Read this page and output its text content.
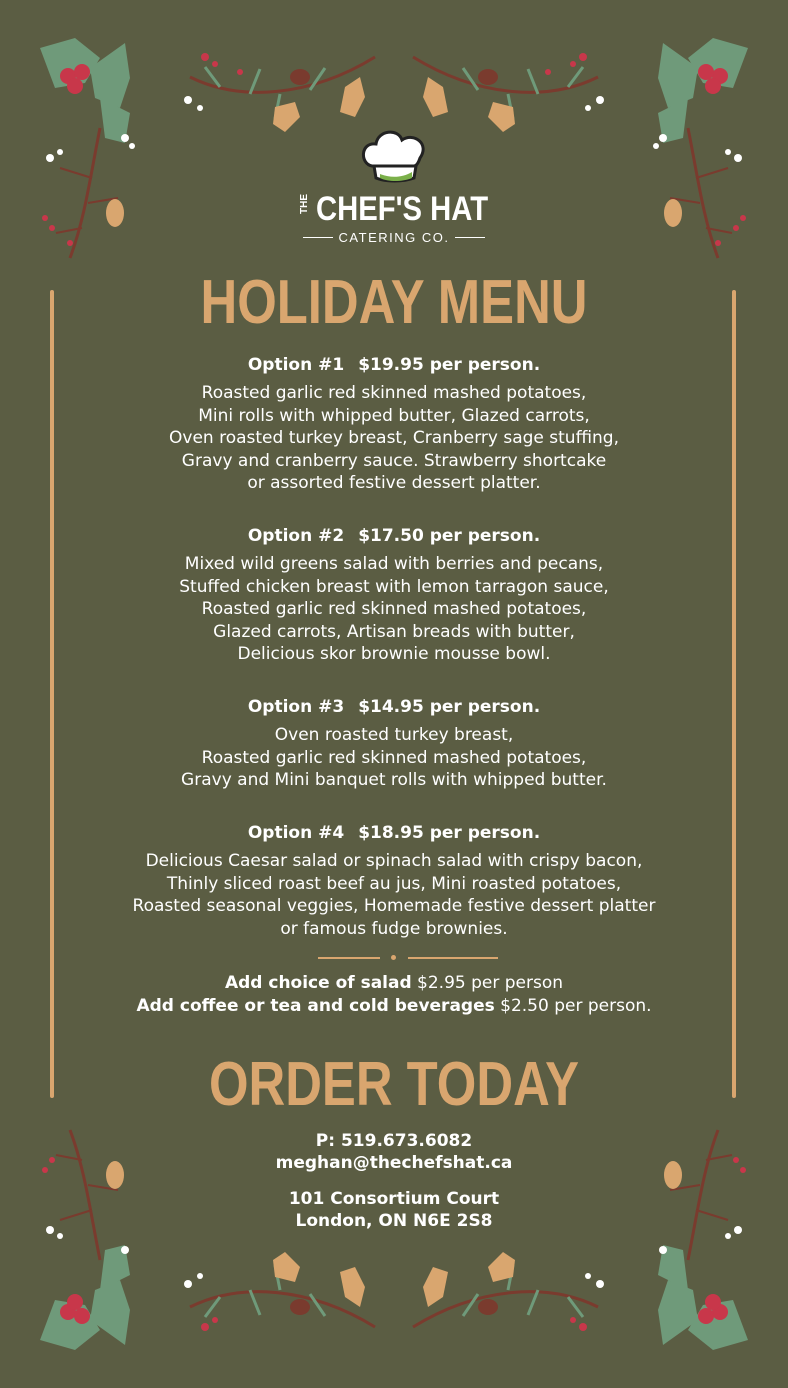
THE CHEF'S HAT
CATERING CO.
HOLIDAY MENU
Option #1 $19.95 per person.
Roasted garlic red skinned mashed potatoes,
Mini rolls with whipped butter, Glazed carrots,
Oven roasted turkey breast, Cranberry sage stuffing,
Gravy and cranberry sauce. Strawberry shortcake
or assorted festive dessert platter.
Option #2 $17.50 per person.
Mixed wild greens salad with berries and pecans,
Stuffed chicken breast with lemon tarragon sauce,
Roasted garlic red skinned mashed potatoes,
Glazed carrots, Artisan breads with butter,
Delicious skor brownie mousse bowl.
Option #3 $14.95 per person.
Oven roasted turkey breast,
Roasted garlic red skinned mashed potatoes,
Gravy and Mini banquet rolls with whipped butter.
Option #4 $18.95 per person.
Delicious Caesar salad or spinach salad with crispy bacon,
Thinly sliced roast beef au jus, Mini roasted potatoes,
Roasted seasonal veggies, Homemade festive dessert platter
or famous fudge brownies.
Add choice of salad $2.95 per person
Add coffee or tea and cold beverages $2.50 per person.
ORDER TODAY
P: 519.673.6082
meghan@thechefshat.ca
101 Consortium Court
London, ON N6E 2S8
